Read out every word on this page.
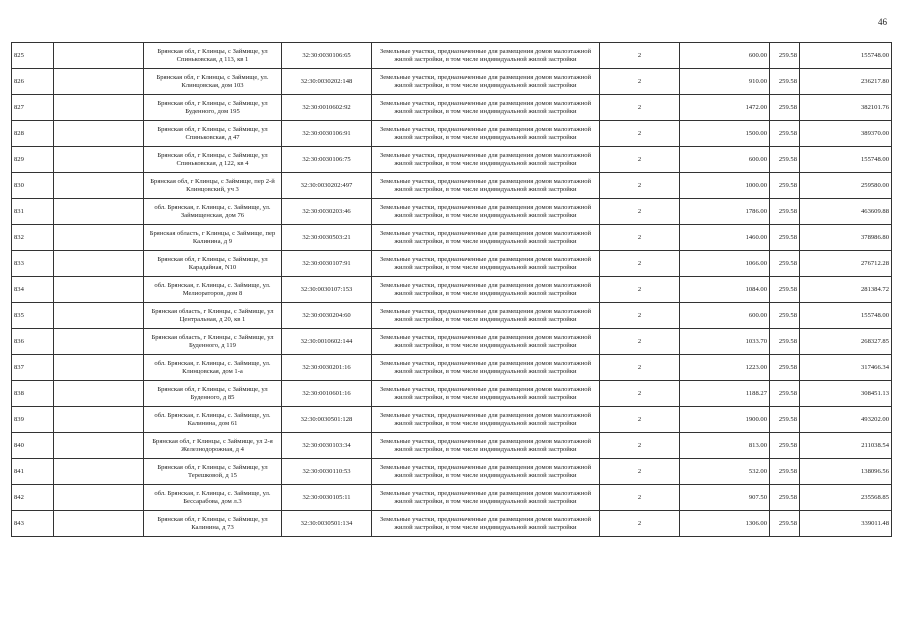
46
825		Брянская обл, г Клинцы, с Займище, ул Спиньковская, д 113, кв 1	32:30:0030106:65	Земельные участки, предназначенные для размещения домов малоэтажной жилой застройки, в том числе индивидуальной жилой застройки	2	600.00	259.58	155748.00
826		Брянская обл, г Клинцы, с Займище, ул. Клинцовская, дом 103	32:30:0030202:148	Земельные участки, предназначенные для размещения домов малоэтажной жилой застройки, в том числе индивидуальной жилой застройки	2	910.00	259.58	236217.80
827		Брянская обл, г Клинцы, с Займище, ул Буденного, дом 195	32:30:0010602:92	Земельные участки, предназначенные для размещения домов малоэтажной жилой застройки, в том числе индивидуальной жилой застройки	2	1472.00	259.58	382101.76
828		Брянская обл, г Клинцы, с Займище, ул Спиньковская, д 47	32:30:0030106:91	Земельные участки, предназначенные для размещения домов малоэтажной жилой застройки, в том числе индивидуальной жилой застройки	2	1500.00	259.58	389370.00
829		Брянская обл, г Клинцы, с Займище, ул Спиньковская, д 122, кв 4	32:30:0030106:75	Земельные участки, предназначенные для размещения домов малоэтажной жилой застройки, в том числе индивидуальной жилой застройки	2	600.00	259.58	155748.00
830		Брянская обл, г Клинцы, с Займище, пер 2-й Клинцовский, уч 3	32:30:0030202:497	Земельные участки, предназначенные для размещения домов малоэтажной жилой застройки, в том числе индивидуальной жилой застройки	2	1000.00	259.58	259580.00
831		обл. Брянская, г. Клинцы, с. Займище, ул. Займищенская, дом 76	32:30:0030203:46	Земельные участки, предназначенные для размещения домов малоэтажной жилой застройки, в том числе индивидуальной жилой застройки	2	1786.00	259.58	463609.88
832		Брянская область, г Клинцы, с Займище, пер Калинина, д 9	32:30:0030503:21	Земельные участки, предназначенные для размещения домов малоэтажной жилой застройки, в том числе индивидуальной жилой застройки	2	1460.00	259.58	378986.80
833		Брянская обл, г Клинцы, с Займище, ул Карадайная, N10	32:30:0030107:91	Земельные участки, предназначенные для размещения домов малоэтажной жилой застройки, в том числе индивидуальной жилой застройки	2	1066.00	259.58	276712.28
834		обл. Брянская, г. Клинцы, с. Займище, ул. Мелиораторов, дом 8	32:30:0030107:153	Земельные участки, предназначенные для размещения домов малоэтажной жилой застройки, в том числе индивидуальной жилой застройки	2	1084.00	259.58	281384.72
835		Брянская область, г Клинцы, с Займище, ул Центральная, д 20, кв 1	32:30:0030204:60	Земельные участки, предназначенные для размещения домов малоэтажной жилой застройки, в том числе индивидуальной жилой застройки	2	600.00	259.58	155748.00
836		Брянская область, г Клинцы, с Займище, ул Буденного, д 119	32:30:0010602:144	Земельные участки, предназначенные для размещения домов малоэтажной жилой застройки, в том числе индивидуальной жилой застройки	2	1033.70	259.58	268327.85
837		обл. Брянская, г. Клинцы, с. Займище, ул. Клинцовская, дом 1-а	32:30:0030201:16	Земельные участки, предназначенные для размещения домов малоэтажной жилой застройки, в том числе индивидуальной жилой застройки	2	1223.00	259.58	317466.34
838		Брянская обл, г Клинцы, с Займище, ул Буденного, д 85	32:30:0010601:16	Земельные участки, предназначенные для размещения домов малоэтажной жилой застройки, в том числе индивидуальной жилой застройки	2	1188.27	259.58	308451.13
839		обл. Брянская, г. Клинцы, с. Займище, ул. Калинина, дом 61	32:30:0030501:128	Земельные участки, предназначенные для размещения домов малоэтажной жилой застройки, в том числе индивидуальной жилой застройки	2	1900.00	259.58	493202.00
840		Брянская обл, г Клинцы, с Займище, ул 2-я Железнодорожная, д 4	32:30:0030103:34	Земельные участки, предназначенные для размещения домов малоэтажной жилой застройки, в том числе индивидуальной жилой застройки	2	813.00	259.58	211038.54
841		Брянская обл, г Клинцы, с Займище, ул Терешковой, д 15	32:30:0030110:53	Земельные участки, предназначенные для размещения домов малоэтажной жилой застройки, в том числе индивидуальной жилой застройки	2	532.00	259.58	138096.56
842		обл. Брянская, г. Клинцы, с. Займище, ул. Бессарабова, дом л.3	32:30:0030105:11	Земельные участки, предназначенные для размещения домов малоэтажной жилой застройки, в том числе индивидуальной жилой застройки	2	907.50	259.58	235568.85
843		Брянская обл, г Клинцы, с Займище, ул Калинина, д 73	32:30:0030501:134	Земельные участки, предназначенные для размещения домов малоэтажной жилой застройки, в том числе индивидуальной жилой застройки	2	1306.00	259.58	339011.48
